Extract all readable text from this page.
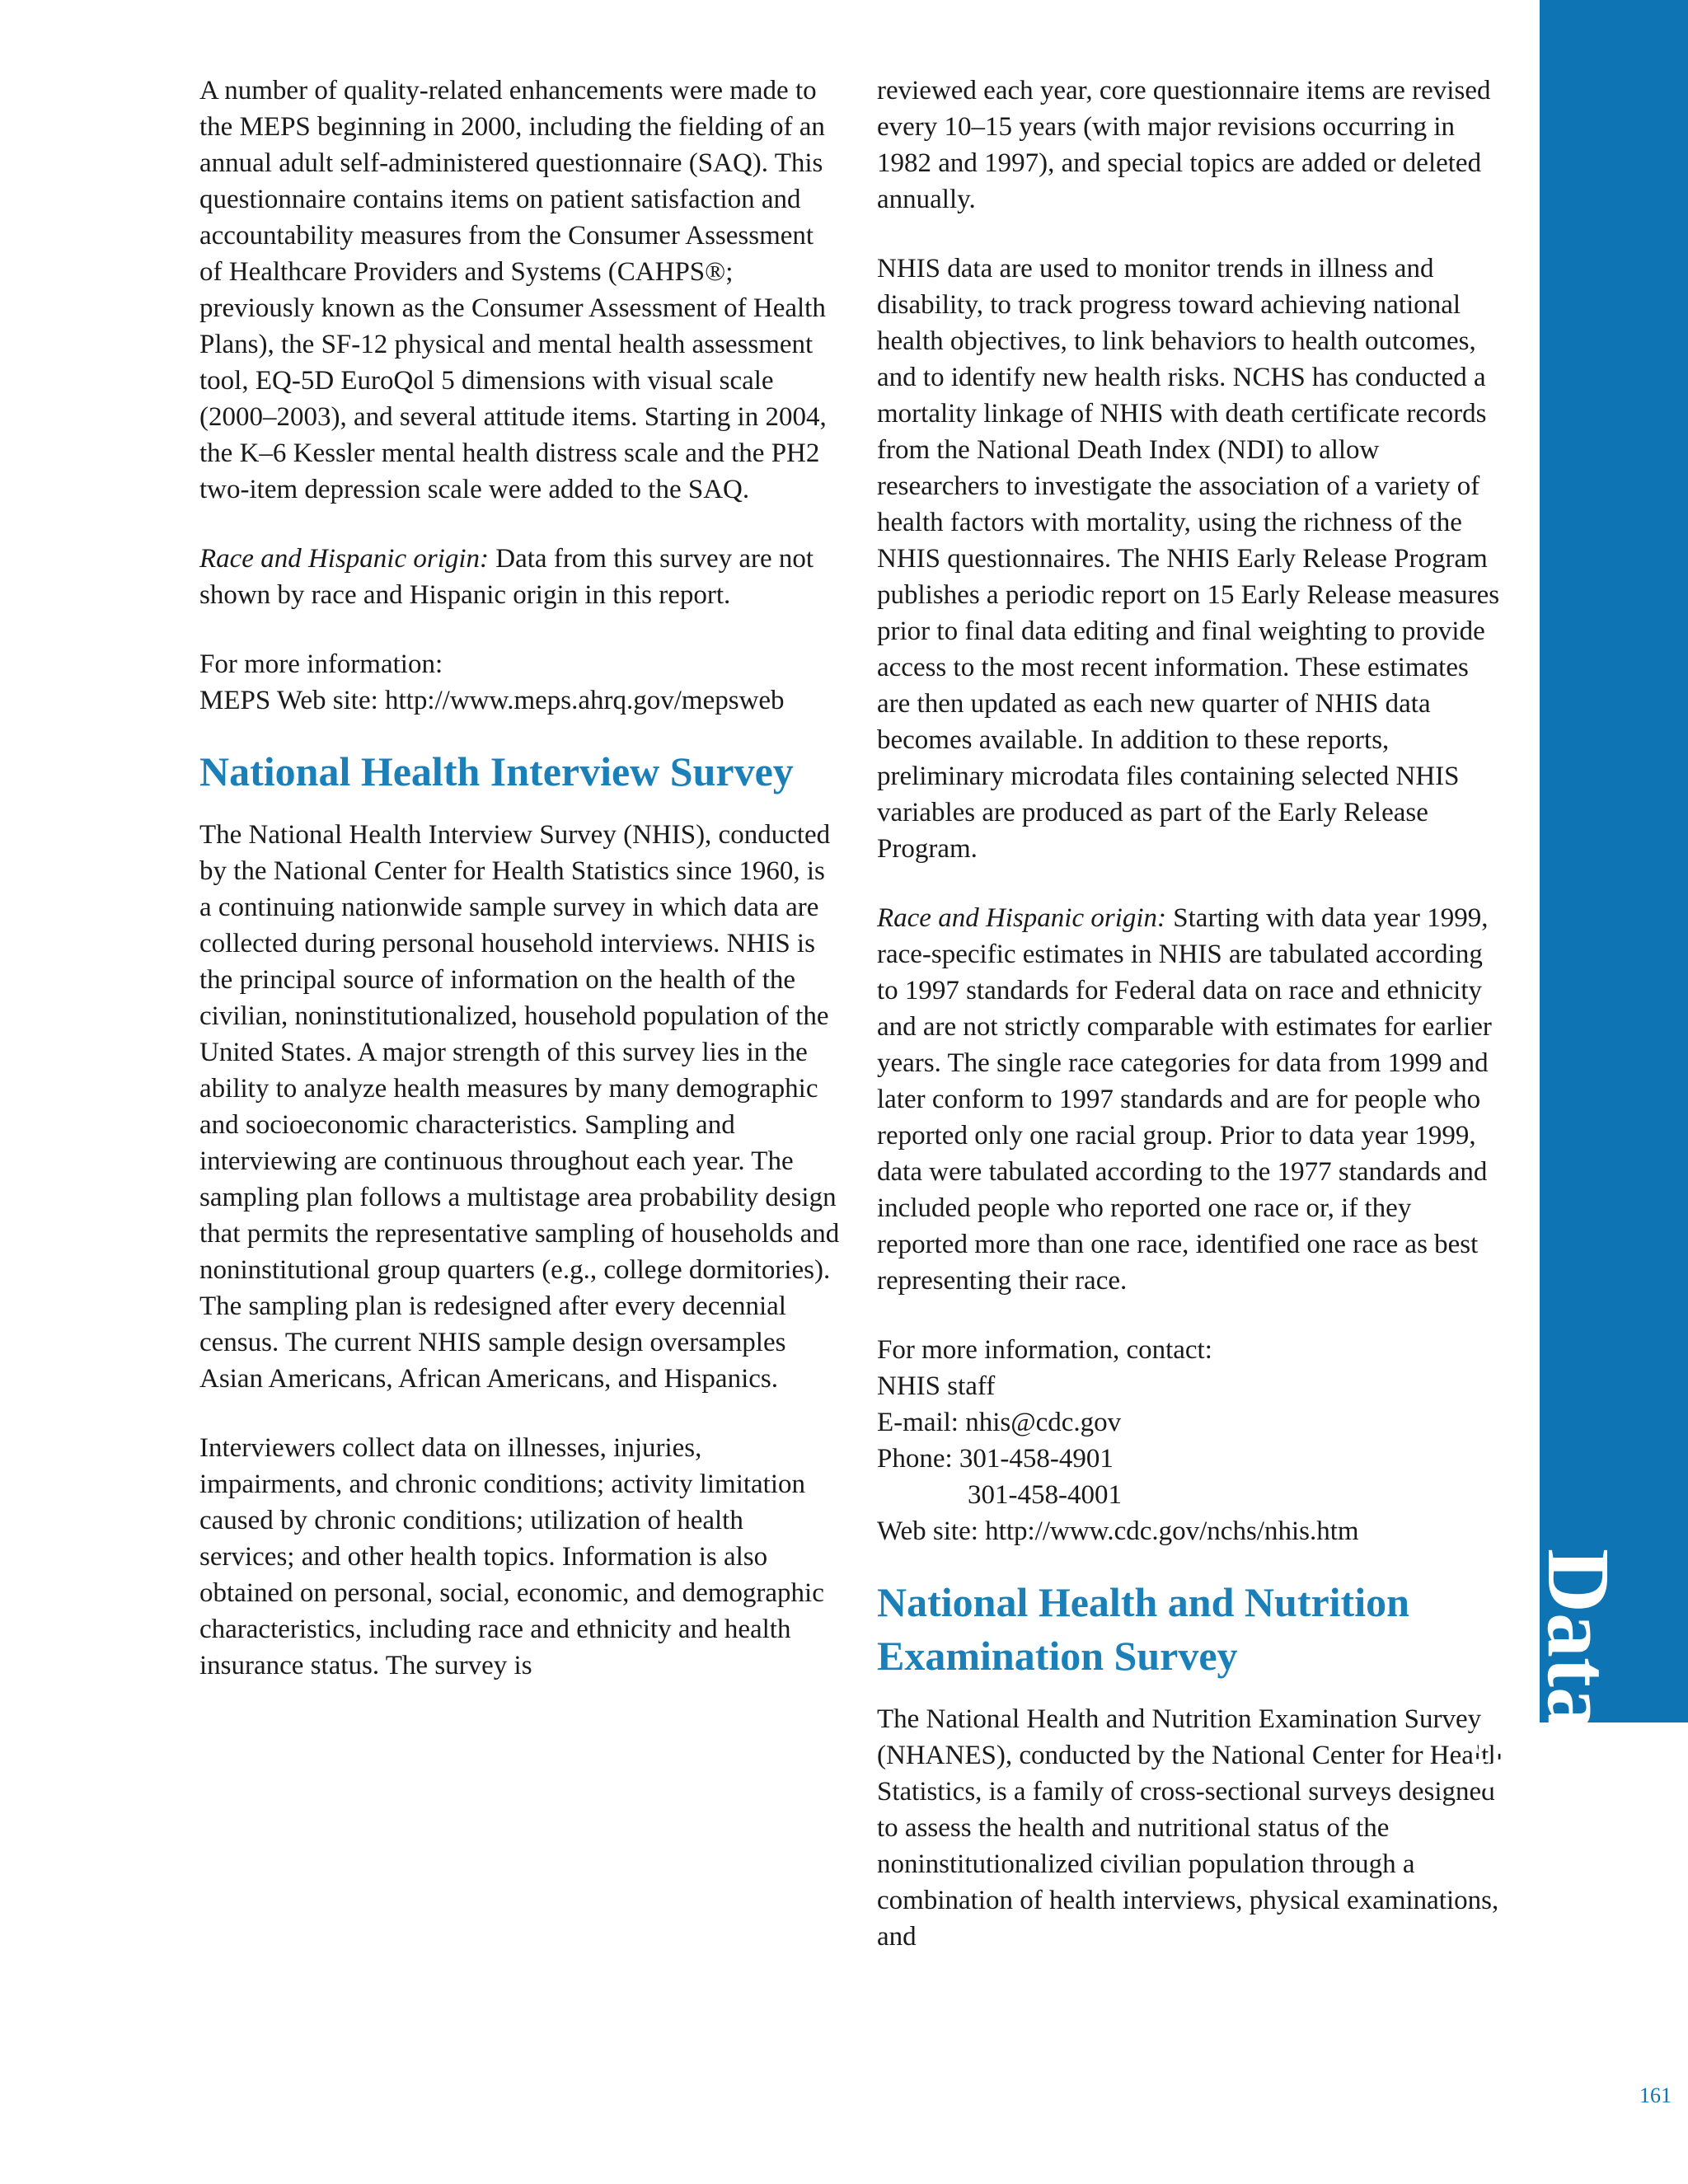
A number of quality-related enhancements were made to the MEPS beginning in 2000, including the fielding of an annual adult self-administered questionnaire (SAQ). This questionnaire contains items on patient satisfaction and accountability measures from the Consumer Assessment of Healthcare Providers and Systems (CAHPS®; previously known as the Consumer Assessment of Health Plans), the SF-12 physical and mental health assessment tool, EQ-5D EuroQol 5 dimensions with visual scale (2000–2003), and several attitude items. Starting in 2004, the K–6 Kessler mental health distress scale and the PH2 two-item depression scale were added to the SAQ.

Race and Hispanic origin: Data from this survey are not shown by race and Hispanic origin in this report.

For more information:
MEPS Web site: http://www.meps.ahrq.gov/mepsweb

National Health Interview Survey

The National Health Interview Survey (NHIS), conducted by the National Center for Health Statistics since 1960, is a continuing nationwide sample survey in which data are collected during personal household interviews. NHIS is the principal source of information on the health of the civilian, noninstitutionalized, household population of the United States. A major strength of this survey lies in the ability to analyze health measures by many demographic and socioeconomic characteristics. Sampling and interviewing are continuous throughout each year. The sampling plan follows a multistage area probability design that permits the representative sampling of households and noninstitutional group quarters (e.g., college dormitories). The sampling plan is redesigned after every decennial census. The current NHIS sample design oversamples Asian Americans, African Americans, and Hispanics.

Interviewers collect data on illnesses, injuries, impairments, and chronic conditions; activity limitation caused by chronic conditions; utilization of health services; and other health topics. Information is also obtained on personal, social, economic, and demographic characteristics, including race and ethnicity and health insurance status. The survey is

reviewed each year, core questionnaire items are revised every 10–15 years (with major revisions occurring in 1982 and 1997), and special topics are added or deleted annually.

NHIS data are used to monitor trends in illness and disability, to track progress toward achieving national health objectives, to link behaviors to health outcomes, and to identify new health risks. NCHS has conducted a mortality linkage of NHIS with death certificate records from the National Death Index (NDI) to allow researchers to investigate the association of a variety of health factors with mortality, using the richness of the NHIS questionnaires. The NHIS Early Release Program publishes a periodic report on 15 Early Release measures prior to final data editing and final weighting to provide access to the most recent information. These estimates are then updated as each new quarter of NHIS data becomes available. In addition to these reports, preliminary microdata files containing selected NHIS variables are produced as part of the Early Release Program.

Race and Hispanic origin: Starting with data year 1999, race-specific estimates in NHIS are tabulated according to 1997 standards for Federal data on race and ethnicity and are not strictly comparable with estimates for earlier years. The single race categories for data from 1999 and later conform to 1997 standards and are for people who reported only one racial group. Prior to data year 1999, data were tabulated according to the 1977 standards and included people who reported one race or, if they reported more than one race, identified one race as best representing their race.

For more information, contact:
NHIS staff
E-mail: nhis@cdc.gov
Phone: 301-458-4901
301-458-4001
Web site: http://www.cdc.gov/nchs/nhis.htm

National Health and Nutrition Examination Survey

The National Health and Nutrition Examination Survey (NHANES), conducted by the National Center for Health Statistics, is a family of cross-sectional surveys designed to assess the health and nutritional status of the noninstitutionalized civilian population through a combination of health interviews, physical examinations, and

Data
Sources
161
